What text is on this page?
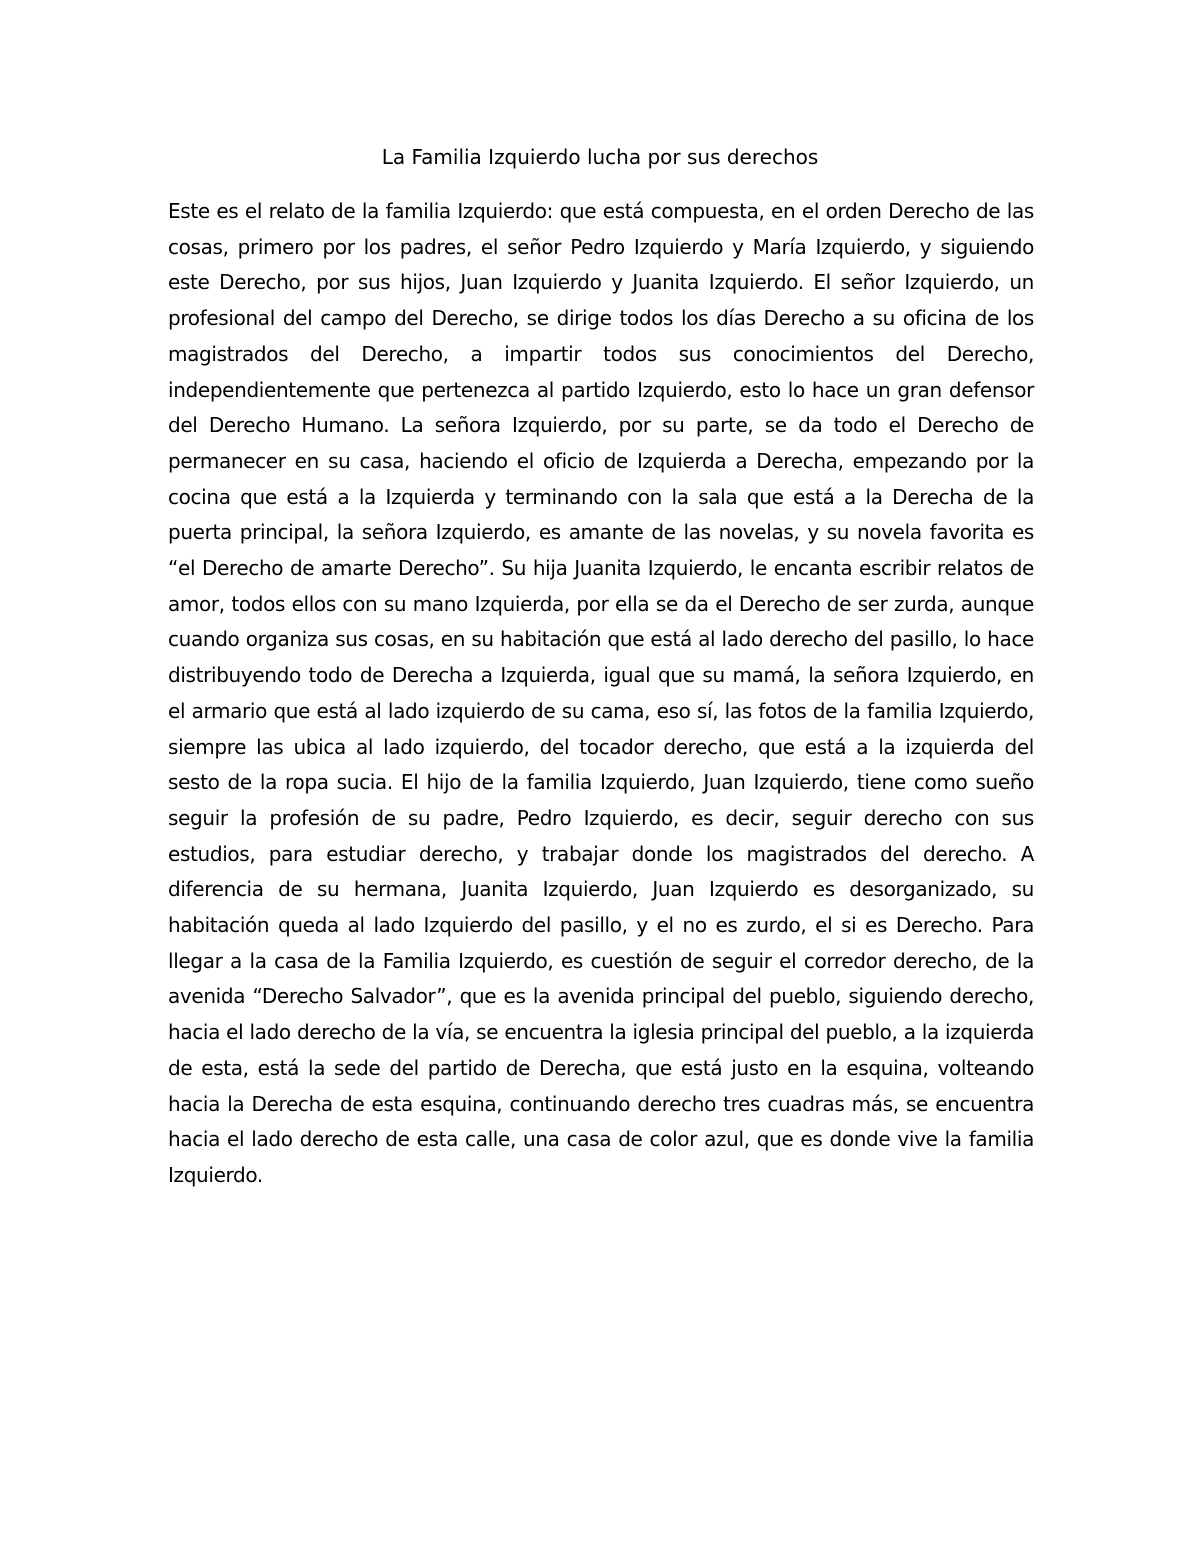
La Familia Izquierdo lucha por sus derechos

Este es el relato de la familia Izquierdo: que está compuesta, en el orden Derecho de las cosas, primero por los padres, el señor Pedro Izquierdo y María Izquierdo, y siguiendo este Derecho, por sus hijos, Juan Izquierdo y Juanita Izquierdo. El señor Izquierdo, un profesional del campo del Derecho, se dirige todos los días Derecho a su oficina de los magistrados del Derecho, a impartir todos sus conocimientos del Derecho, independientemente que pertenezca al partido Izquierdo, esto lo hace un gran defensor del Derecho Humano. La señora Izquierdo, por su parte, se da todo el Derecho de permanecer en su casa, haciendo el oficio de Izquierda a Derecha, empezando por la cocina que está a la Izquierda y terminando con la sala que está a la Derecha de la puerta principal, la señora Izquierdo, es amante de las novelas, y su novela favorita es “el Derecho de amarte Derecho”. Su hija Juanita Izquierdo, le encanta escribir relatos de amor, todos ellos con su mano Izquierda, por ella se da el Derecho de ser zurda, aunque cuando organiza sus cosas, en su habitación que está al lado derecho del pasillo, lo hace distribuyendo todo de Derecha a Izquierda, igual que su mamá, la señora Izquierdo, en el armario que está al lado izquierdo de su cama, eso sí, las fotos de la familia Izquierdo, siempre las ubica al lado izquierdo, del tocador derecho, que está a la izquierda del sesto de la ropa sucia. El hijo de la familia Izquierdo, Juan Izquierdo, tiene como sueño seguir la profesión de su padre, Pedro Izquierdo, es decir, seguir derecho con sus estudios, para estudiar derecho, y trabajar donde los magistrados del derecho. A diferencia de su hermana, Juanita Izquierdo, Juan Izquierdo es desorganizado, su habitación queda al lado Izquierdo del pasillo, y el no es zurdo, el si es Derecho. Para llegar a la casa de la Familia Izquierdo, es cuestión de seguir el corredor derecho, de la avenida “Derecho Salvador”, que es la avenida principal del pueblo, siguiendo derecho, hacia el lado derecho de la vía, se encuentra la iglesia principal del pueblo, a la izquierda de esta, está la sede del partido de Derecha, que está justo en la esquina, volteando hacia la Derecha de esta esquina, continuando derecho tres cuadras más, se encuentra hacia el lado derecho de esta calle, una casa de color azul, que es donde vive la familia Izquierdo.
